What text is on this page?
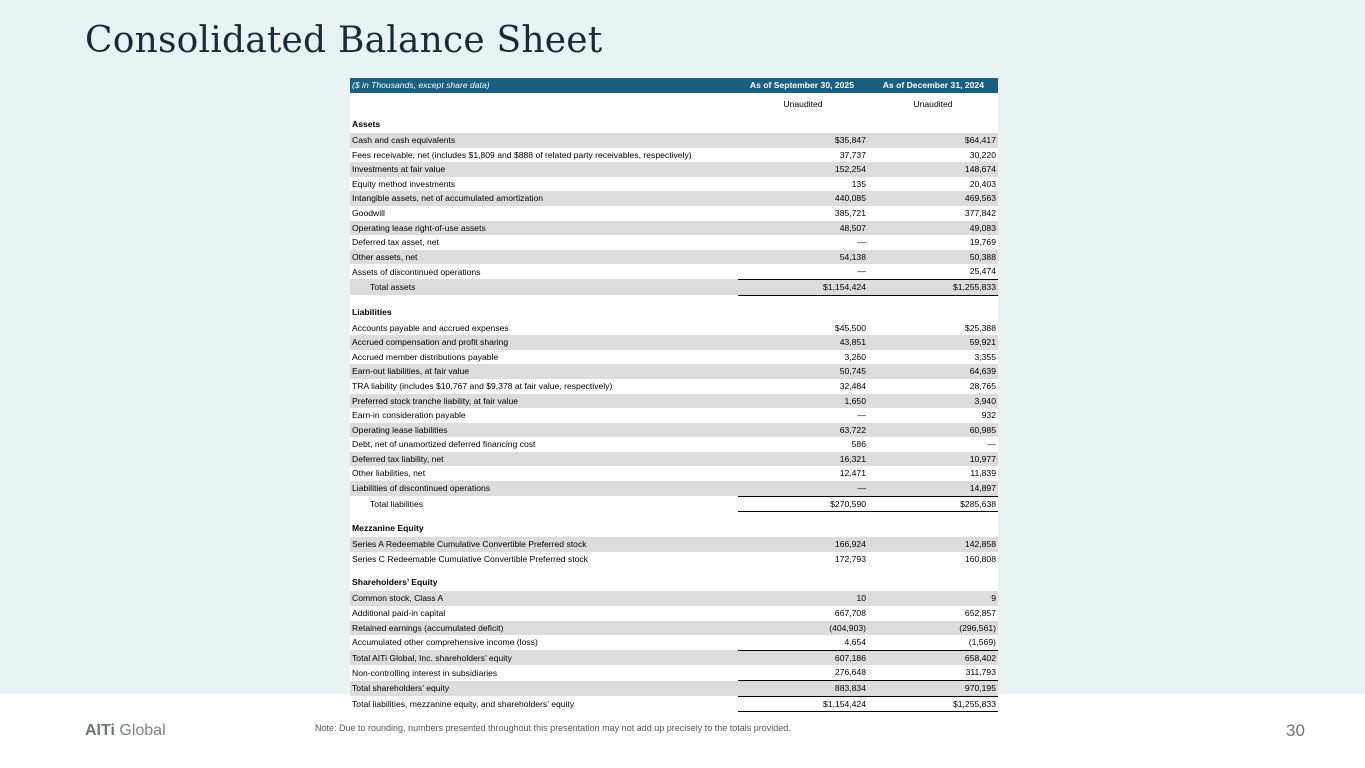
Consolidated Balance Sheet
($ in Thousands, except share data)	As of September 30, 2025	As of December 31, 2024
	Unaudited	Unaudited
Assets		
Cash and cash equivalents	$35,847	$64,417
Fees receivable, net (includes $1,809 and $888 of related party receivables, respectively)	37,737	30,220
Investments at fair value	152,254	148,674
Equity method investments	135	20,403
Intangible assets, net of accumulated amortization	440,085	469,563
Goodwill	385,721	377,842
Operating lease right-of-use assets	48,507	49,083
Deferred tax asset, net	—	19,769
Other assets, net	54,138	50,388
Assets of discontinued operations	—	25,474
Total assets	$1,154,424	$1,255,833

Liabilities		
Accounts payable and accrued expenses	$45,500	$25,388
Accrued compensation and profit sharing	43,851	59,921
Accrued member distributions payable	3,260	3,355
Earn-out liabilities, at fair value	50,745	64,639
TRA liability (includes $10,767 and $9,378 at fair value, respectively)	32,484	28,765
Preferred stock tranche liability, at fair value	1,650	3,940
Earn-in consideration payable	—	932
Operating lease liabilities	63,722	60,985
Debt, net of unamortized deferred financing cost	586	—
Deferred tax liability, net	16,321	10,977
Other liabilities, net	12,471	11,839
Liabilities of discontinued operations	—	14,897
Total liabilities	$270,590	$285,638

Mezzanine Equity		
Series A Redeemable Cumulative Convertible Preferred stock	166,924	142,858
Series C Redeemable Cumulative Convertible Preferred stock	172,793	160,808

Shareholders’ Equity		
Common stock, Class A	10	9
Additional paid-in capital	667,708	652,857
Retained earnings (accumulated deficit)	(404,903)	(296,561)
Accumulated other comprehensive income (loss)	4,654	(1,569)
Total AITi Global, Inc. shareholders’ equity	607,186	658,402
Non-controlling interest in subsidiaries	276,648	311,793
Total shareholders’ equity	883,834	970,195
Total liabilities, mezzanine equity, and shareholders’ equity	$1,154,424	$1,255,833
AITi Global	Note: Due to rounding, numbers presented throughout this presentation may not add up precisely to the totals provided.	30
